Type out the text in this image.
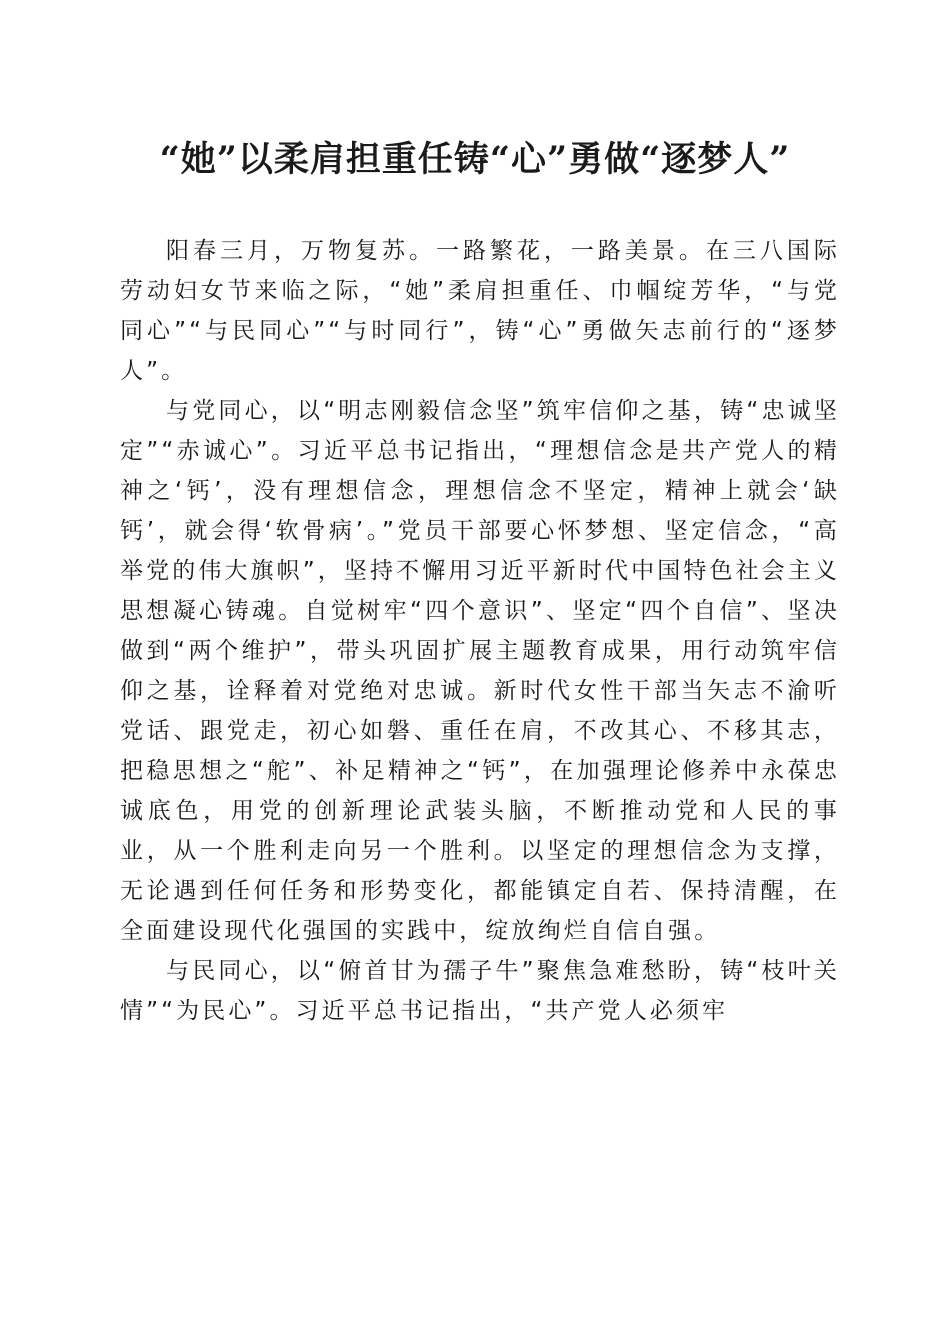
“她”以柔肩担重任铸“心”勇做“逐梦人”

阳春三月，万物复苏。一路繁花，一路美景。在三八国际劳动妇女节来临之际，“她”柔肩担重任、巾帼绽芳华，“与党同心”“与民同心”“与时同行”，铸“心”勇做矢志前行的“逐梦人”。

与党同心，以“明志刚毅信念坚”筑牢信仰之基，铸“忠诚坚定”“赤诚心”。习近平总书记指出，“理想信念是共产党人的精神之‘钙’，没有理想信念，理想信念不坚定，精神上就会‘缺钙’，就会得‘软骨病’。”党员干部要心怀梦想、坚定信念，“高举党的伟大旗帜”，坚持不懈用习近平新时代中国特色社会主义思想凝心铸魂。自觉树牢“四个意识”、坚定“四个自信”、坚决做到“两个维护”，带头巩固扩展主题教育成果，用行动筑牢信仰之基，诠释着对党绝对忠诚。新时代女性干部当矢志不渝听党话、跟党走，初心如磐、重任在肩，不改其心、不移其志，把稳思想之“舵”、补足精神之“钙”，在加强理论修养中永葆忠诚底色，用党的创新理论武装头脑，不断推动党和人民的事业，从一个胜利走向另一个胜利。以坚定的理想信念为支撑，无论遇到任何任务和形势变化，都能镇定自若、保持清醒，在全面建设现代化强国的实践中，绽放绚烂自信自强。

与民同心，以“俯首甘为孺子牛”聚焦急难愁盼，铸“枝叶关情”“为民心”。习近平总书记指出，“共产党人必须牢
